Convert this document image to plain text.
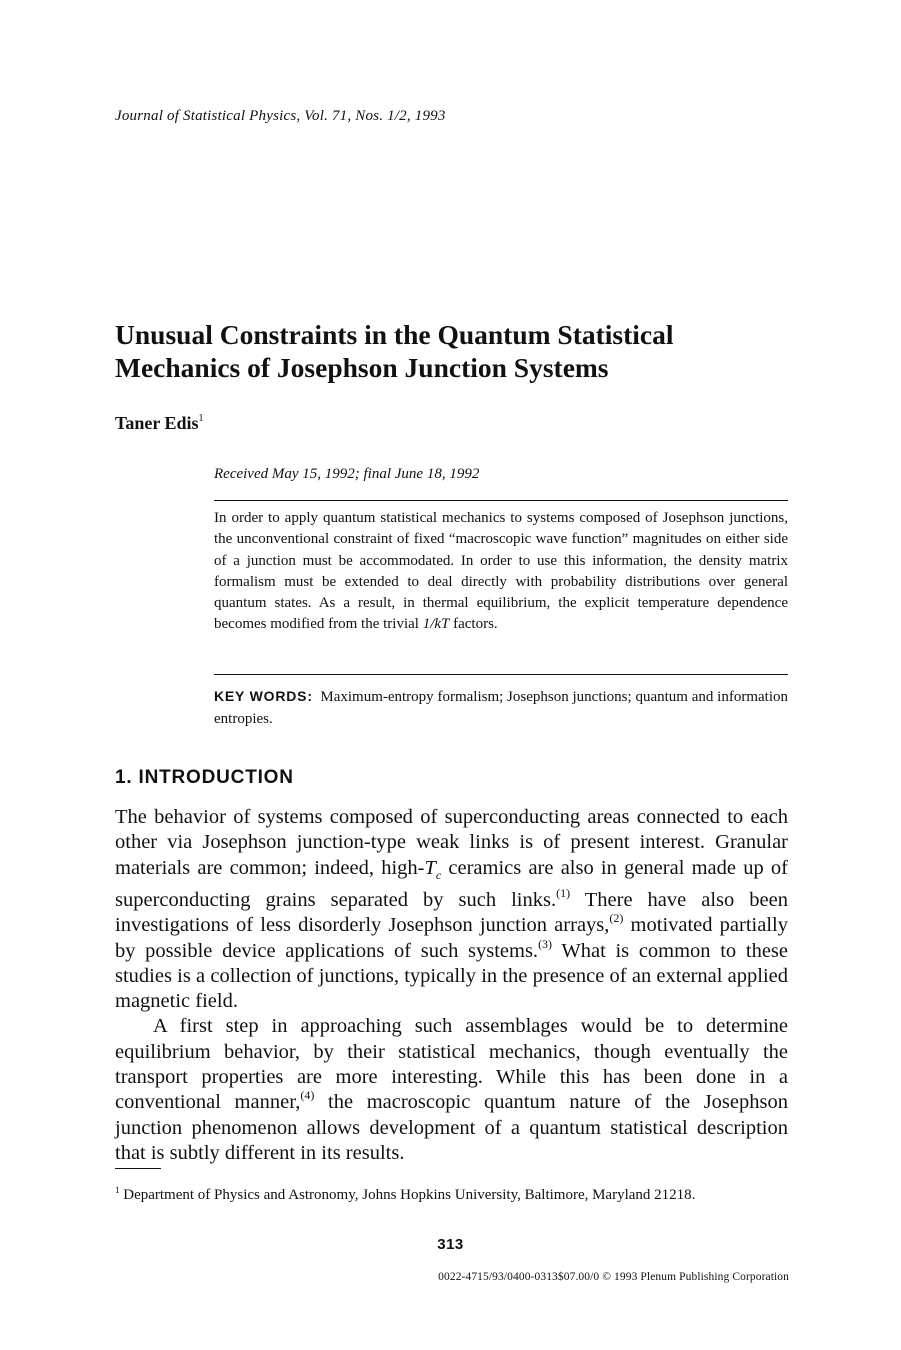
Journal of Statistical Physics, Vol. 71, Nos. 1/2, 1993
Unusual Constraints in the Quantum Statistical
Mechanics of Josephson Junction Systems
Taner Edis$^1$
Received May 15, 1992; final June 18, 1992

In order to apply quantum statistical mechanics to systems composed of Josephson junctions, the unconventional constraint of fixed “macroscopic wave function” magnitudes on either side of a junction must be accommodated. In order to use this information, the density matrix formalism must be extended to deal directly with probability distributions over general quantum states. As a result, in thermal equilibrium, the explicit temperature dependence becomes modified from the trivial 1/kT factors.

KEY WORDS: Maximum-entropy formalism; Josephson junctions; quantum and information entropies.

1. INTRODUCTION

The behavior of systems composed of superconducting areas connected to each other via Josephson junction-type weak links is of present interest. Granular materials are common; indeed, high-$T_c$ ceramics are also in general made up of superconducting grains separated by such links.$^{(1)}$ There have also been investigations of less disorderly Josephson junction arrays,$^{(2)}$ motivated partially by possible device applications of such systems.$^{(3)}$ What is common to these studies is a collection of junctions, typically in the presence of an external applied magnetic field.

A first step in approaching such assemblages would be to determine equilibrium behavior, by their statistical mechanics, though eventually the transport properties are more interesting. While this has been done in a conventional manner,$^{(4)}$ the macroscopic quantum nature of the Josephson junction phenomenon allows development of a quantum statistical description that is subtly different in its results.

$^1$ Department of Physics and Astronomy, Johns Hopkins University, Baltimore, Maryland 21218.

313
0022-4715/93/0400-0313$07.00/0 © 1993 Plenum Publishing Corporation
